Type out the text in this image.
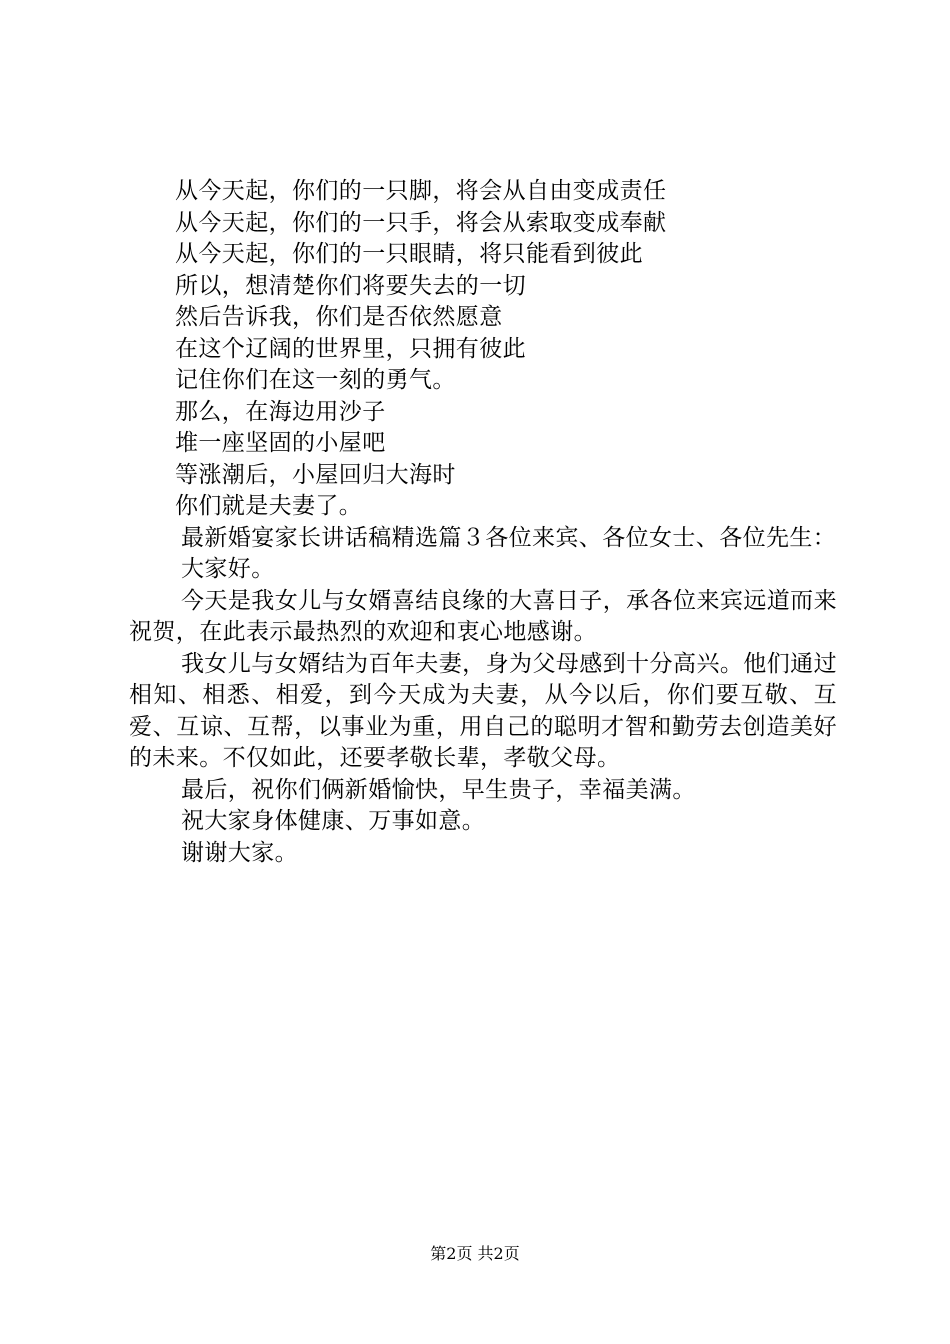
从今天起，你们的一只脚，将会从自由变成责任
从今天起，你们的一只手，将会从索取变成奉献
从今天起，你们的一只眼睛，将只能看到彼此
所以，想清楚你们将要失去的一切
然后告诉我，你们是否依然愿意
在这个辽阔的世界里，只拥有彼此
记住你们在这一刻的勇气。
那么，在海边用沙子
堆一座坚固的小屋吧
等涨潮后，小屋回归大海时
你们就是夫妻了。

最新婚宴家长讲话稿精选篇３各位来宾、各位女士、各位先生：

大家好。

今天是我女儿与女婿喜结良缘的大喜日子，承各位来宾远道而来祝贺，在此表示最热烈的欢迎和衷心地感谢。

我女儿与女婿结为百年夫妻，身为父母感到十分高兴。他们通过相知、相悉、相爱，到今天成为夫妻，从今以后，你们要互敬、互爱、互谅、互帮，以事业为重，用自己的聪明才智和勤劳去创造美好的未来。不仅如此，还要孝敬长辈，孝敬父母。

最后，祝你们俩新婚愉快，早生贵子，幸福美满。

祝大家身体健康、万事如意。

谢谢大家。

第2页 共2页
